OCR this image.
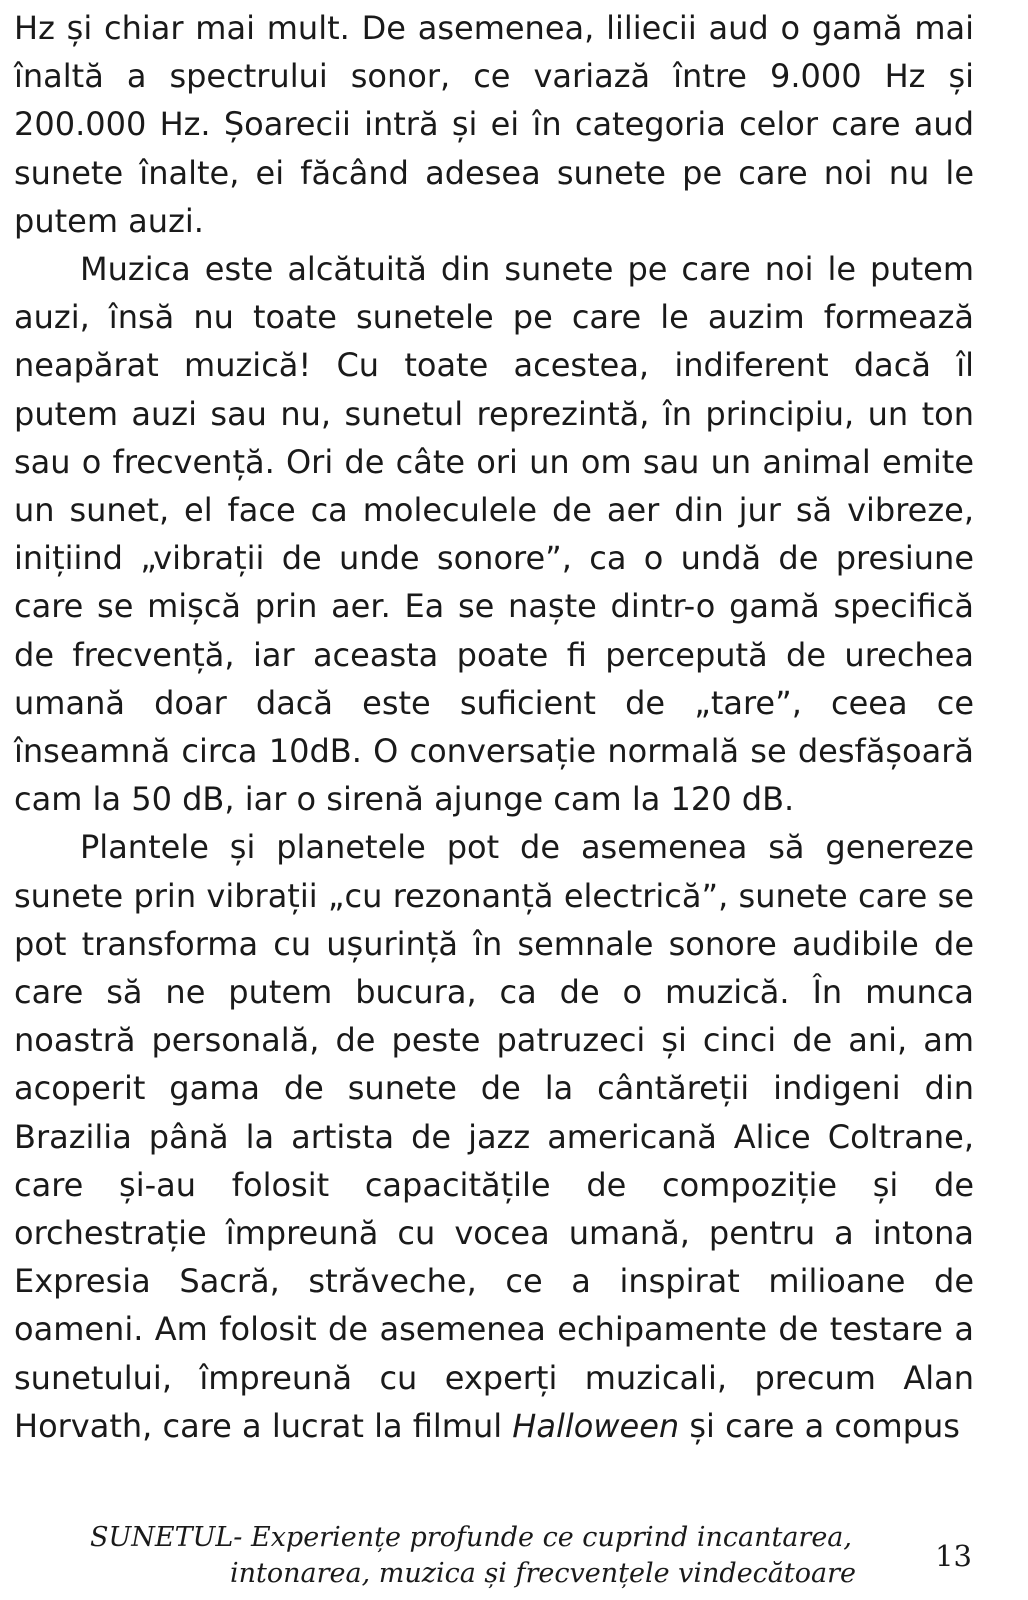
Hz și chiar mai mult. De asemenea, liliecii aud o gamă mai înaltă a spectrului sonor, ce variază între 9.000 Hz și 200.000 Hz. Șoarecii intră și ei în categoria celor care aud sunete înalte, ei făcând adesea sunete pe care noi nu le putem auzi.

Muzica este alcătuită din sunete pe care noi le putem auzi, însă nu toate sunetele pe care le auzim formează neapărat muzică! Cu toate acestea, indiferent dacă îl putem auzi sau nu, sunetul reprezintă, în principiu, un ton sau o frecvență. Ori de câte ori un om sau un animal emite un sunet, el face ca moleculele de aer din jur să vibreze, inițiind „vibrații de unde sonore”, ca o undă de presiune care se mișcă prin aer. Ea se naște dintr-o gamă specifică de frecvență, iar aceasta poate fi percepută de urechea umană doar dacă este suficient de „tare”, ceea ce înseamnă circa 10dB. O conversație normală se desfășoară cam la 50 dB, iar o sirenă ajunge cam la 120 dB.

Plantele și planetele pot de asemenea să genereze sunete prin vibrații „cu rezonanță electrică”, sunete care se pot transforma cu ușurință în semnale sonore audibile de care să ne putem bucura, ca de o muzică. În munca noastră personală, de peste patruzeci și cinci de ani, am acoperit gama de sunete de la cântăreții indigeni din Brazilia până la artista de jazz americană Alice Coltrane, care și-au folosit capacitățile de compoziție și de orchestrație împreună cu vocea umană, pentru a intona Expresia Sacră, străveche, ce a inspirat milioane de oameni. Am folosit de asemenea echipamente de testare a sunetului, împreună cu experți muzicali, precum Alan Horvath, care a lucrat la filmul Halloween și care a compus

SUNETUL- Experiențe profunde ce cuprind incantarea,
intonarea, muzica și frecvențele vindecătoare
13
